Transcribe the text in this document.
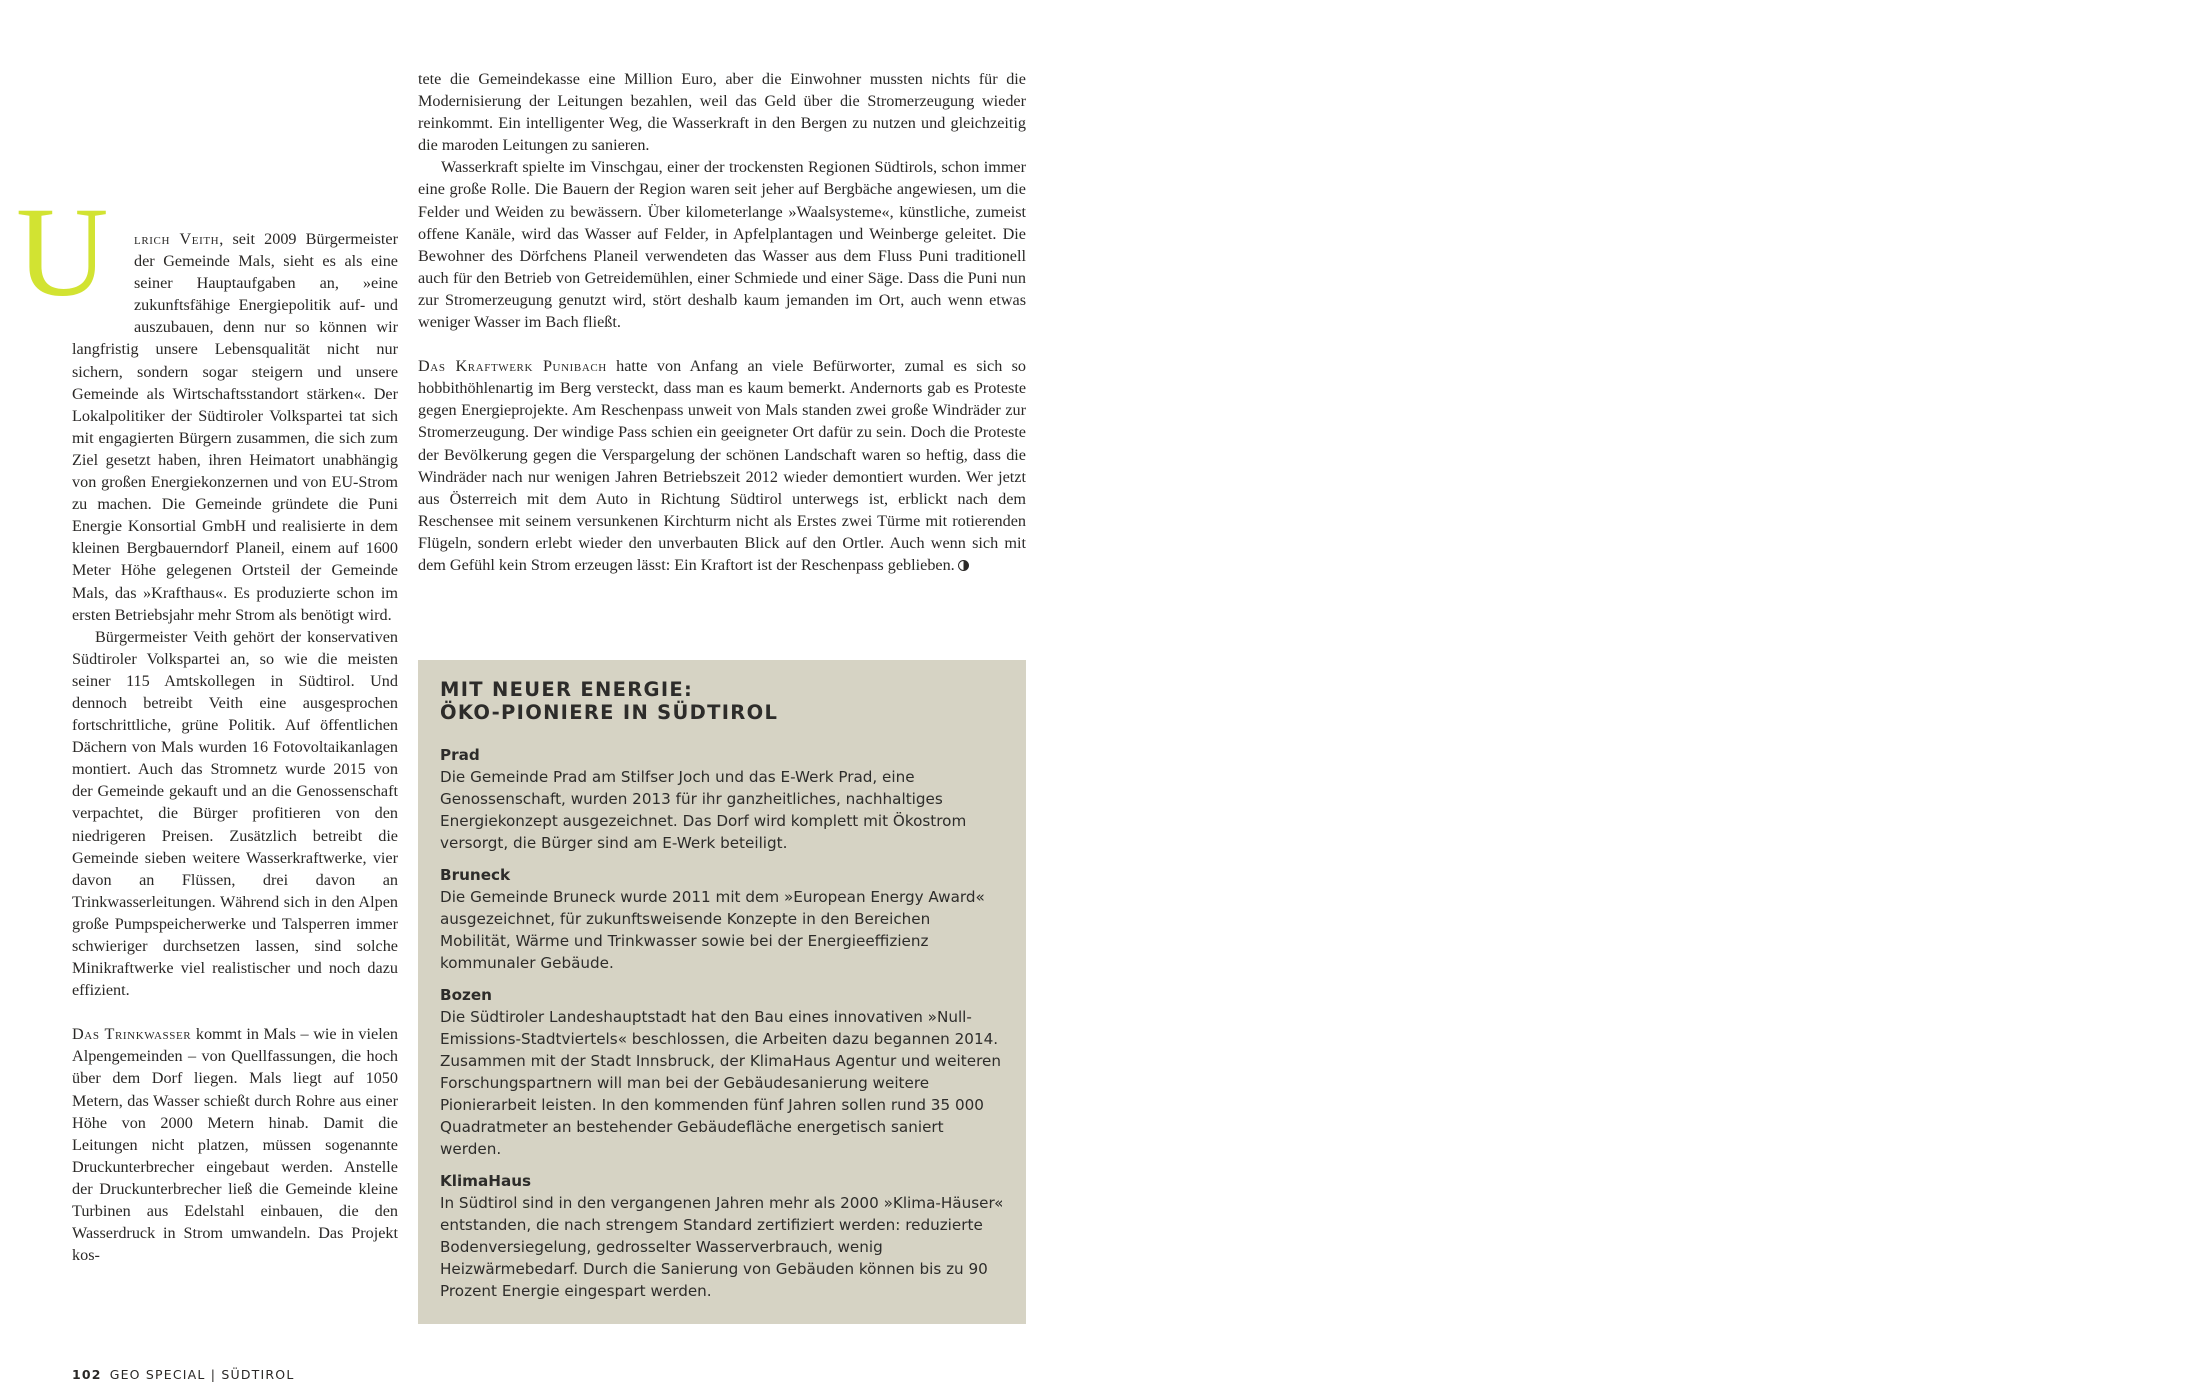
U	lrich Veith, seit 2009 Bürgermeister der Gemeinde Mals, sieht es als eine seiner Hauptaufgaben an, »eine zukunftsfähige Energiepolitik auf- und auszubauen, denn nur so können wir langfristig unsere Lebensqualität nicht nur sichern, sondern sogar steigern und unsere Gemeinde als Wirtschaftsstandort stärken«. Der Lokalpolitiker der Südtiroler Volkspartei tat sich mit engagierten Bürgern zusammen, die sich zum Ziel gesetzt haben, ihren Heimatort unabhängig von großen Energiekonzernen und von EU-Strom zu machen. Die Gemeinde gründete die Puni Energie Konsortial GmbH und realisierte in dem kleinen Bergbauerndorf Planeil, einem auf 1600 Meter Höhe gelegenen Ortsteil der Gemeinde Mals, das »Krafthaus«. Es produzierte schon im ersten Betriebsjahr mehr Strom als benötigt wird.

Bürgermeister Veith gehört der konservativen Südtiroler Volkspartei an, so wie die meisten seiner 115 Amtskollegen in Südtirol. Und dennoch betreibt Veith eine ausgesprochen fortschrittliche, grüne Politik. Auf öffentlichen Dächern von Mals wurden 16 Fotovoltaikanlagen montiert. Auch das Stromnetz wurde 2015 von der Gemeinde gekauft und an die Genossenschaft verpachtet, die Bürger profitieren von den niedrigeren Preisen. Zusätzlich betreibt die Gemeinde sieben weitere Wasserkraftwerke, vier davon an Flüssen, drei davon an Trinkwasserleitungen. Während sich in den Alpen große Pumpspeicherwerke und Talsperren immer schwieriger durchsetzen lassen, sind solche Minikraftwerke viel realistischer und noch dazu effizient.

Das Trinkwasser kommt in Mals – wie in vielen Alpengemeinden – von Quellfassungen, die hoch über dem Dorf liegen. Mals liegt auf 1050 Metern, das Wasser schießt durch Rohre aus einer Höhe von 2000 Metern hinab. Damit die Leitungen nicht platzen, müssen sogenannte Druckunterbrecher eingebaut werden. Anstelle der Druckunterbrecher ließ die Gemeinde kleine Turbinen aus Edelstahl einbauen, die den Wasserdruck in Strom umwandeln. Das Projekt kos-

tete die Gemeindekasse eine Million Euro, aber die Einwohner mussten nichts für die Modernisierung der Leitungen bezahlen, weil das Geld über die Stromerzeugung wieder reinkommt. Ein intelligenter Weg, die Wasserkraft in den Bergen zu nutzen und gleichzeitig die maroden Leitungen zu sanieren.

Wasserkraft spielte im Vinschgau, einer der trockensten Regionen Südtirols, schon immer eine große Rolle. Die Bauern der Region waren seit jeher auf Bergbäche angewiesen, um die Felder und Weiden zu bewässern. Über kilometerlange »Waalsysteme«, künstliche, zumeist offene Kanäle, wird das Wasser auf Felder, in Apfelplantagen und Weinberge geleitet. Die Bewohner des Dörfchens Planeil verwendeten das Wasser aus dem Fluss Puni traditionell auch für den Betrieb von Getreidemühlen, einer Schmiede und einer Säge. Dass die Puni nun zur Stromerzeugung genutzt wird, stört deshalb kaum jemanden im Ort, auch wenn etwas weniger Wasser im Bach fließt.

Das Kraftwerk Punibach hatte von Anfang an viele Befürworter, zumal es sich so hobbithöhlenartig im Berg versteckt, dass man es kaum bemerkt. Andernorts gab es Proteste gegen Energieprojekte. Am Reschenpass unweit von Mals standen zwei große Windräder zur Stromerzeugung. Der windige Pass schien ein geeigneter Ort dafür zu sein. Doch die Proteste der Bevölkerung gegen die Verspargelung der schönen Landschaft waren so heftig, dass die Windräder nach nur wenigen Jahren Betriebszeit 2012 wieder demontiert wurden. Wer jetzt aus Österreich mit dem Auto in Richtung Südtirol unterwegs ist, erblickt nach dem Reschensee mit seinem versunkenen Kirchturm nicht als Erstes zwei Türme mit rotierenden Flügeln, sondern erlebt wieder den unverbauten Blick auf den Ortler. Auch wenn sich mit dem Gefühl kein Strom erzeugen lässt: Ein Kraftort ist der Reschenpass geblieben.

MIT NEUER ENERGIE:
ÖKO-PIONIERE IN SÜDTIROL
Prad
Die Gemeinde Prad am Stilfser Joch und das E-Werk Prad, eine Genossenschaft, wurden 2013 für ihr ganzheitliches, nachhaltiges Energiekonzept ausgezeichnet. Das Dorf wird komplett mit Ökostrom versorgt, die Bürger sind am E-Werk beteiligt.
Bruneck
Die Gemeinde Bruneck wurde 2011 mit dem »European Energy Award« ausgezeichnet, für zukunftsweisende Konzepte in den Bereichen Mobilität, Wärme und Trinkwasser sowie bei der Energieeffizienz kommunaler Gebäude.
Bozen
Die Südtiroler Landeshauptstadt hat den Bau eines innovativen »Null-Emissions-Stadtviertels« beschlossen, die Arbeiten dazu begannen 2014. Zusammen mit der Stadt Innsbruck, der KlimaHaus Agentur und weiteren Forschungspartnern will man bei der Gebäudesanierung weitere Pionierarbeit leisten. In den kommenden fünf Jahren sollen rund 35 000 Quadratmeter an bestehender Gebäudefläche energetisch saniert werden.
KlimaHaus
In Südtirol sind in den vergangenen Jahren mehr als 2000 »Klima-Häuser« entstanden, die nach strengem Standard zertifiziert werden: reduzierte Bodenversiegelung, gedrosselter Wasserverbrauch, wenig Heizwärmebedarf. Durch die Sanierung von Gebäuden können bis zu 90 Prozent Energie eingespart werden.
102 GEO SPECIAL | SÜDTIROL
